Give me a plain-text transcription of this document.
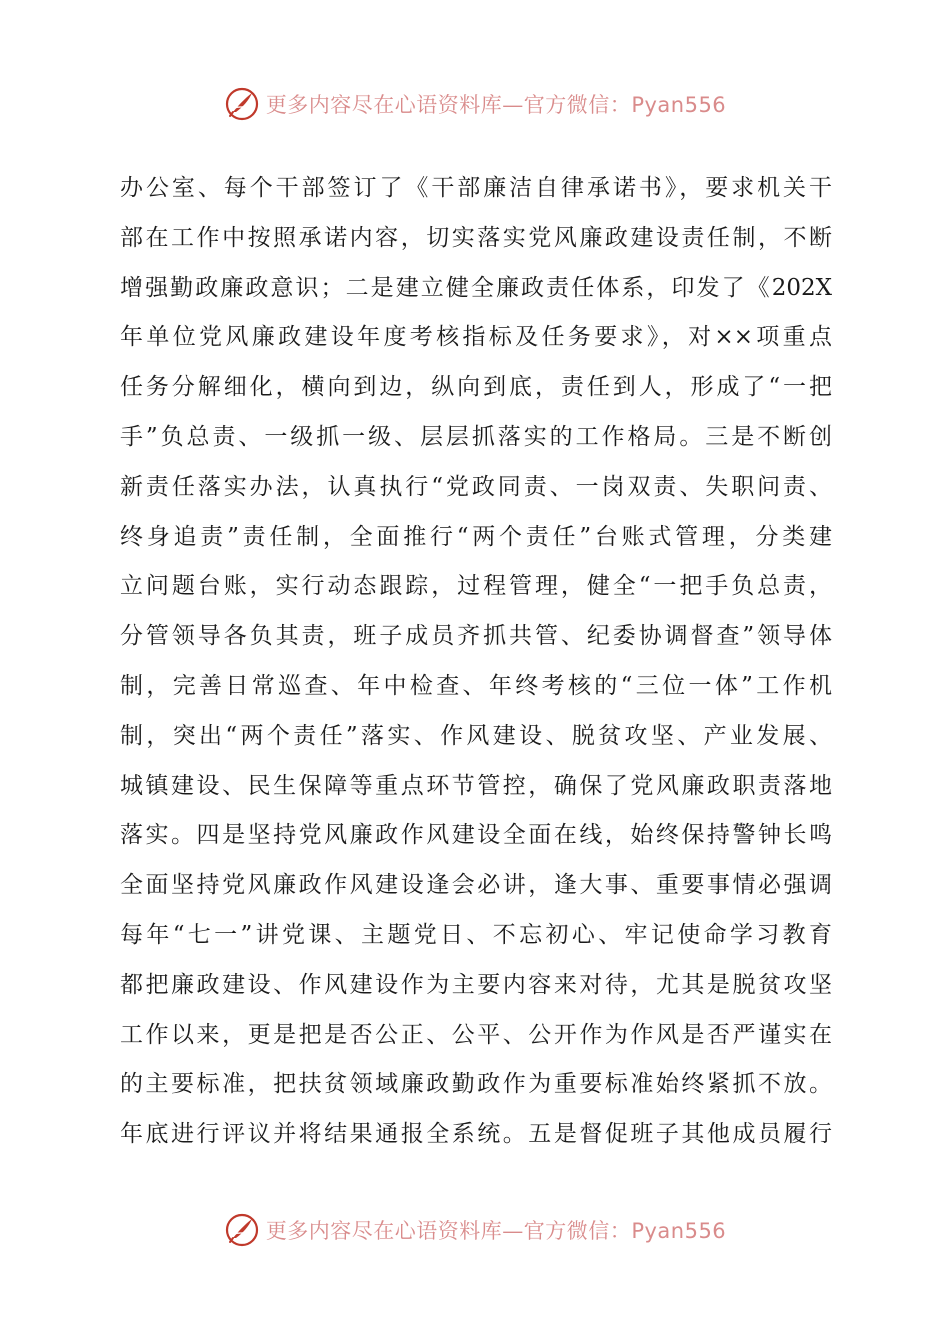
更多内容尽在心语资料库—官方微信：Pyan556
办公室、每个干部签订了《干部廉洁自律承诺书》，要求机关干
部在工作中按照承诺内容，切实落实党风廉政建设责任制，不断
增强勤政廉政意识；二是建立健全廉政责任体系，印发了《202X
年单位党风廉政建设年度考核指标及任务要求》，对××项重点
任务分解细化，横向到边，纵向到底，责任到人，形成了“一把
手”负总责、一级抓一级、层层抓落实的工作格局。三是不断创
新责任落实办法，认真执行“党政同责、一岗双责、失职问责、
终身追责”责任制，全面推行“两个责任”台账式管理，分类建
立问题台账，实行动态跟踪，过程管理，健全“一把手负总责，
分管领导各负其责，班子成员齐抓共管、纪委协调督查”领导体
制，完善日常巡查、年中检查、年终考核的“三位一体”工作机
制，突出“两个责任”落实、作风建设、脱贫攻坚、产业发展、
城镇建设、民生保障等重点环节管控，确保了党风廉政职责落地
落实。四是坚持党风廉政作风建设全面在线，始终保持警钟长鸣
全面坚持党风廉政作风建设逢会必讲，逢大事、重要事情必强调
每年“七一”讲党课、主题党日、不忘初心、牢记使命学习教育
都把廉政建设、作风建设作为主要内容来对待，尤其是脱贫攻坚
工作以来，更是把是否公正、公平、公开作为作风是否严谨实在
的主要标准，把扶贫领域廉政勤政作为重要标准始终紧抓不放。
年底进行评议并将结果通报全系统。五是督促班子其他成员履行
更多内容尽在心语资料库—官方微信：Pyan556
